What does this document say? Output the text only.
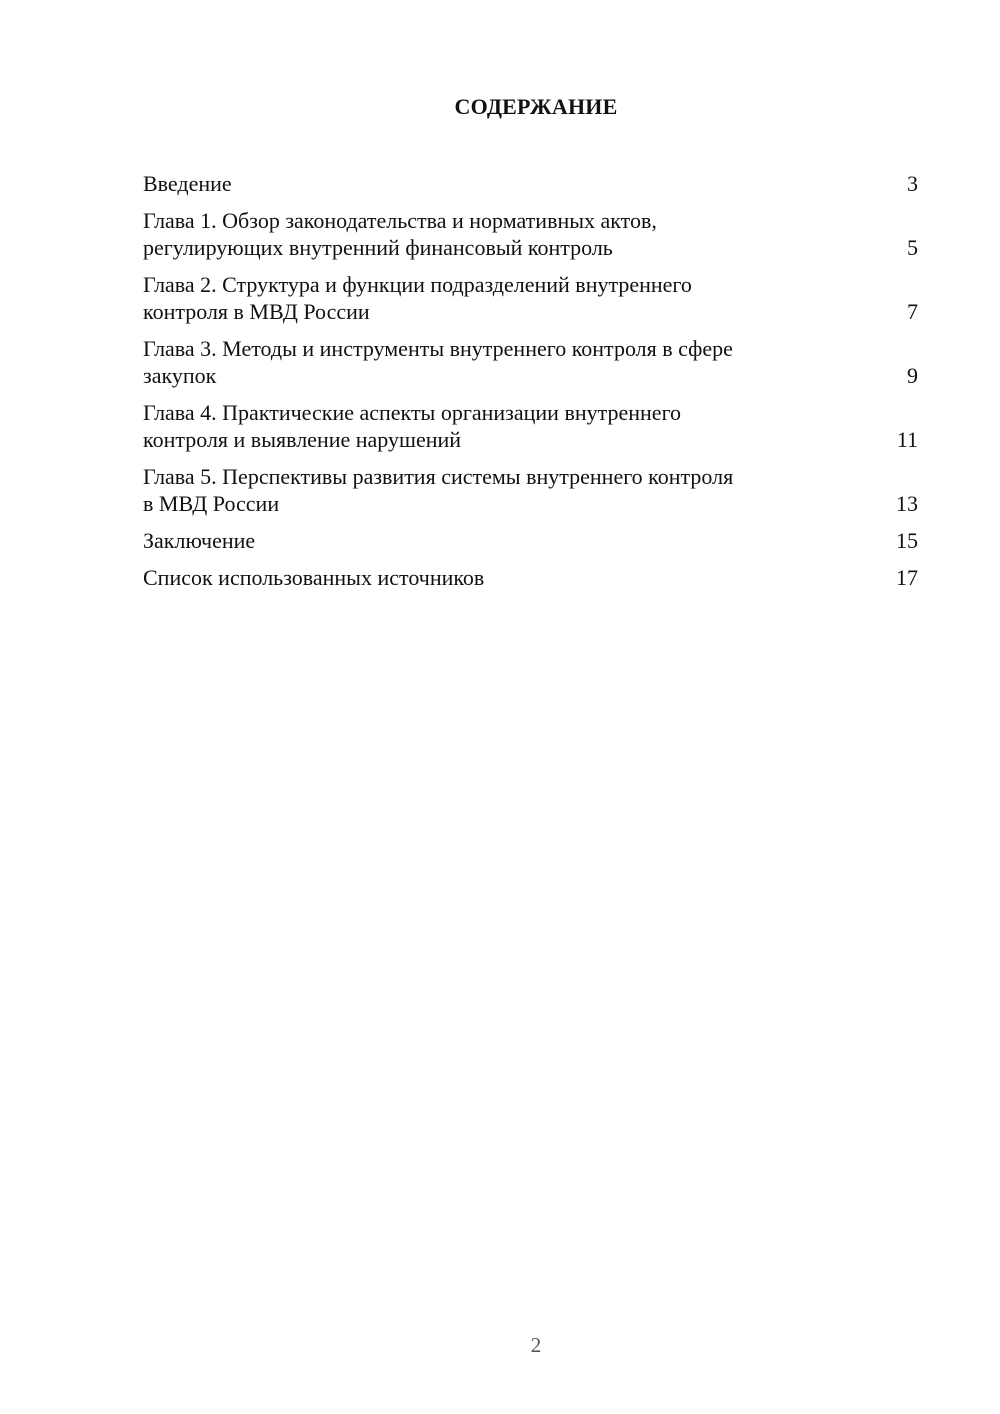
СОДЕРЖАНИЕ
Введение	3
Глава 1. Обзор законодательства и нормативных актов,
регулирующих внутренний финансовый контроль	5
Глава 2. Структура и функции подразделений внутреннего
контроля в МВД России	7
Глава 3. Методы и инструменты внутреннего контроля в сфере
закупок	9
Глава 4. Практические аспекты организации внутреннего
контроля и выявление нарушений	11
Глава 5. Перспективы развития системы внутреннего контроля
в МВД России	13
Заключение	15
Список использованных источников	17
2
